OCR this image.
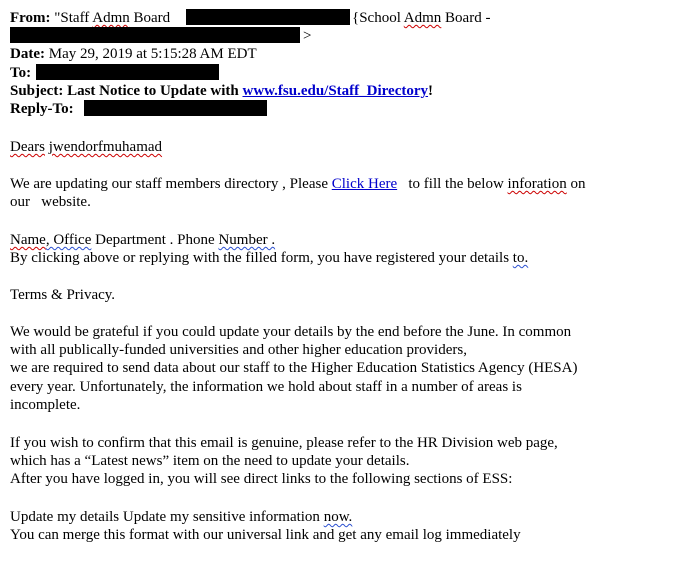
From: "Staff Admn Board	{School Admn Board -
>
Date: May 29, 2019 at 5:15:28 AM EDT
To:
Subject: Last Notice to Update with www.fsu.edu/Staff_Directory!
Reply-To:
Dears jwendorfmuhamad
We are updating our staff members directory , Please Click Here to fill the below inforation on
our   website.
Name, Office Department . Phone Number .
By clicking above or replying with the filled form, you have registered your details to.
Terms & Privacy.
We would be grateful if you could update your details by the end before the June. In common
with all publically-funded universities and other higher education providers,
we are required to send data about our staff to the Higher Education Statistics Agency (HESA)
every year. Unfortunately, the information we hold about staff in a number of areas is
incomplete.
If you wish to confirm that this email is genuine, please refer to the HR Division web page,
which has a “Latest news” item on the need to update your details.
After you have logged in, you will see direct links to the following sections of ESS:
Update my details Update my sensitive information now.
You can merge this format with our universal link and get any email log immediately
